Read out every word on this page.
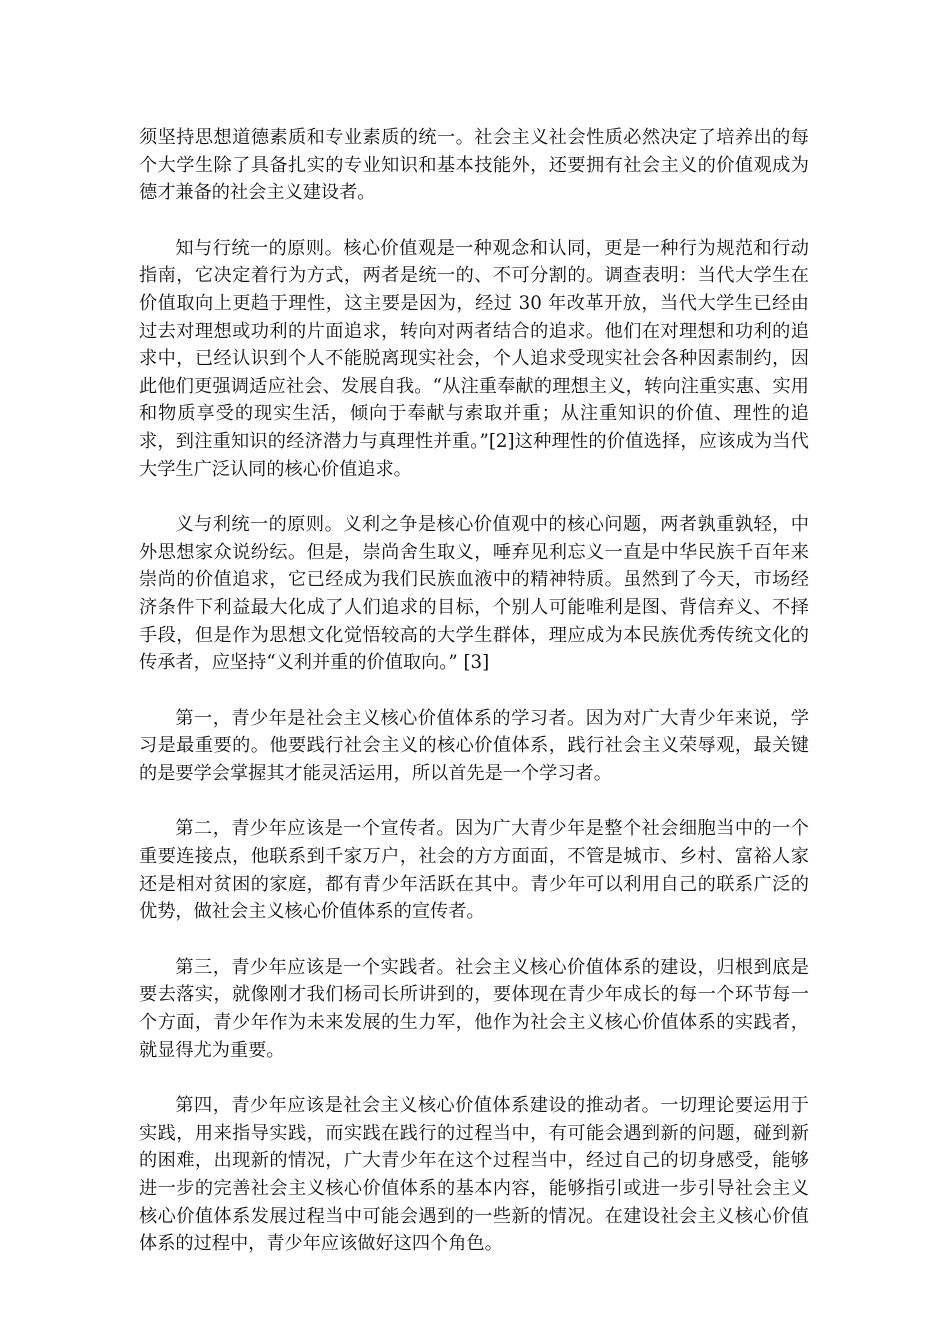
须坚持思想道德素质和专业素质的统一。社会主义社会性质必然决定了培养出的每个大学生除了具备扎实的专业知识和基本技能外，还要拥有社会主义的价值观成为德才兼备的社会主义建设者。

知与行统一的原则。核心价值观是一种观念和认同，更是一种行为规范和行动指南，它决定着行为方式，两者是统一的、不可分割的。调查表明：当代大学生在价值取向上更趋于理性，这主要是因为，经过 30 年改革开放，当代大学生已经由过去对理想或功利的片面追求，转向对两者结合的追求。他们在对理想和功利的追求中，已经认识到个人不能脱离现实社会，个人追求受现实社会各种因素制约，因此他们更强调适应社会、发展自我。“从注重奉献的理想主义，转向注重实惠、实用和物质享受的现实生活，倾向于奉献与索取并重；从注重知识的价值、理性的追求，到注重知识的经济潜力与真理性并重。”[2]这种理性的价值选择，应该成为当代大学生广泛认同的核心价值追求。

义与利统一的原则。义利之争是核心价值观中的核心问题，两者孰重孰轻，中外思想家众说纷纭。但是，崇尚舍生取义，唾弃见利忘义一直是中华民族千百年来崇尚的价值追求，它已经成为我们民族血液中的精神特质。虽然到了今天，市场经济条件下利益最大化成了人们追求的目标，个别人可能唯利是图、背信弃义、不择手段，但是作为思想文化觉悟较高的大学生群体，理应成为本民族优秀传统文化的传承者，应坚持“义利并重的价值取向。” [3]

第一，青少年是社会主义核心价值体系的学习者。因为对广大青少年来说，学习是最重要的。他要践行社会主义的核心价值体系，践行社会主义荣辱观，最关键的是要学会掌握其才能灵活运用，所以首先是一个学习者。

第二，青少年应该是一个宣传者。因为广大青少年是整个社会细胞当中的一个重要连接点，他联系到千家万户，社会的方方面面，不管是城市、乡村、富裕人家还是相对贫困的家庭，都有青少年活跃在其中。青少年可以利用自己的联系广泛的优势，做社会主义核心价值体系的宣传者。

第三，青少年应该是一个实践者。社会主义核心价值体系的建设，归根到底是要去落实，就像刚才我们杨司长所讲到的，要体现在青少年成长的每一个环节每一个方面，青少年作为未来发展的生力军，他作为社会主义核心价值体系的实践者，就显得尤为重要。

第四，青少年应该是社会主义核心价值体系建设的推动者。一切理论要运用于实践，用来指导实践，而实践在践行的过程当中，有可能会遇到新的问题，碰到新的困难，出现新的情况，广大青少年在这个过程当中，经过自己的切身感受，能够进一步的完善社会主义核心价值体系的基本内容，能够指引或进一步引导社会主义核心价值体系发展过程当中可能会遇到的一些新的情况。在建设社会主义核心价值体系的过程中，青少年应该做好这四个角色。
